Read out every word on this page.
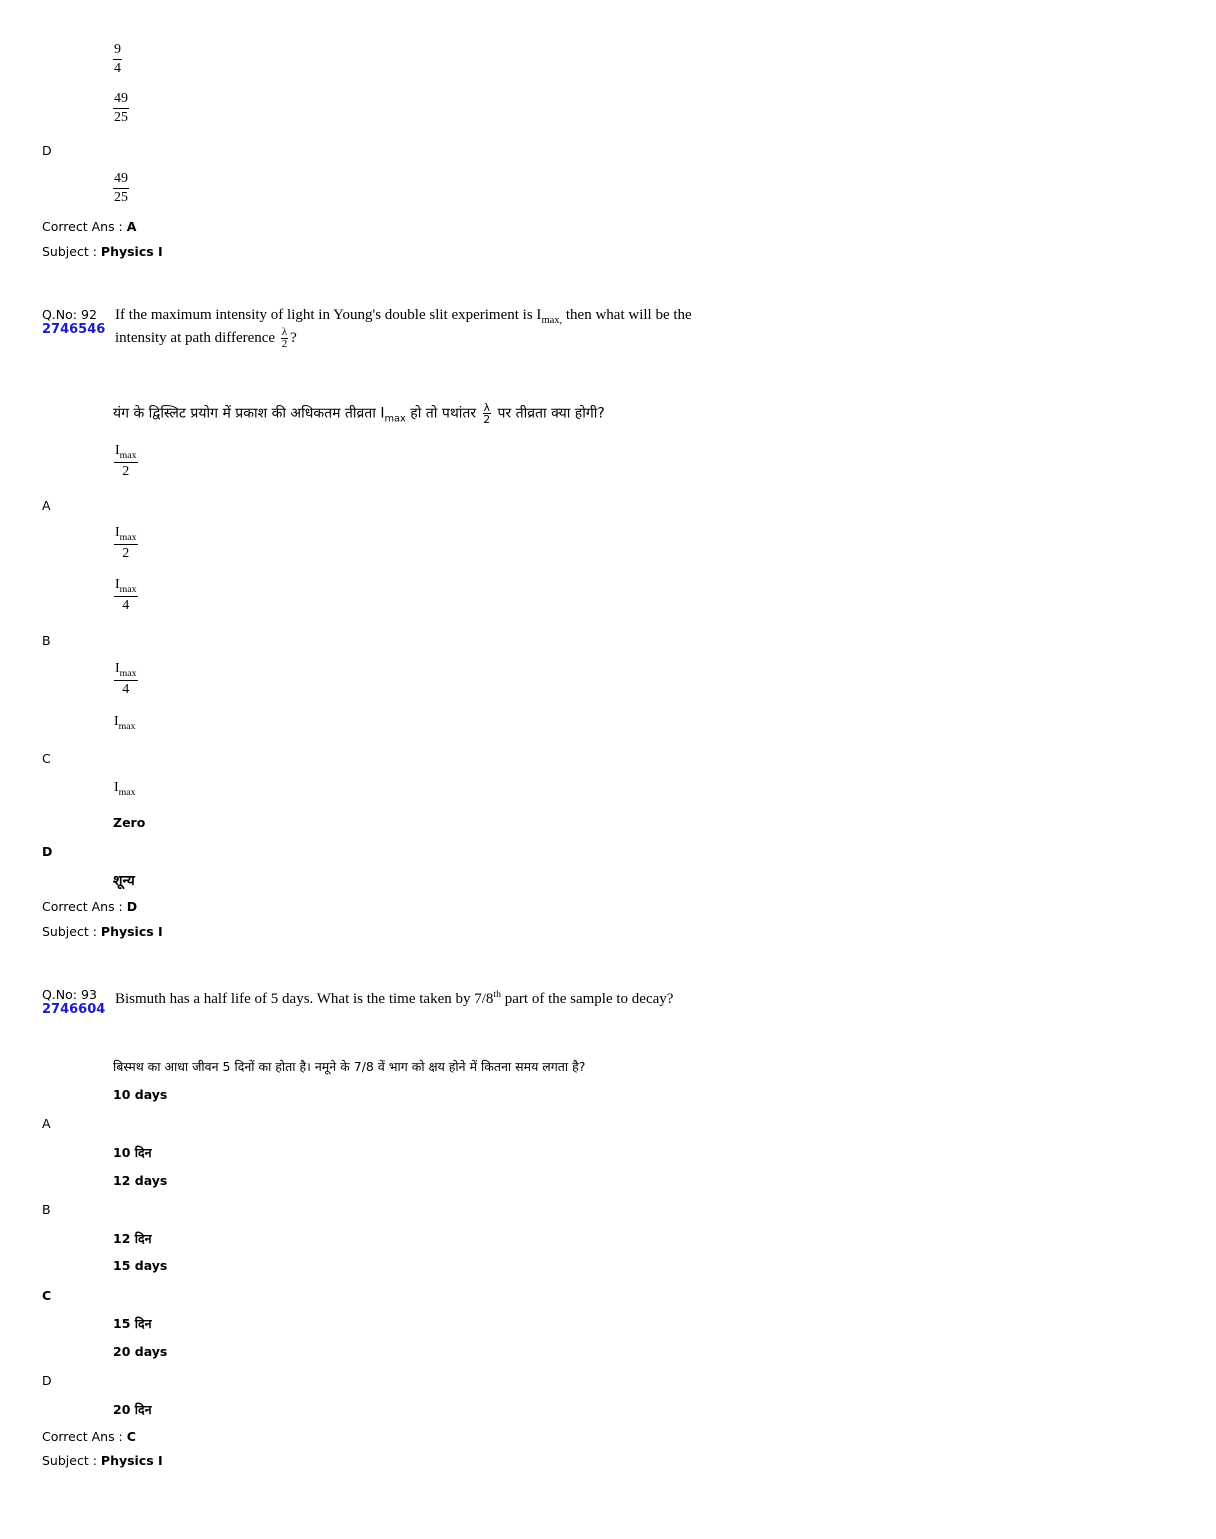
$\frac{9}{4}$
$\frac{49}{25}$
D
$\frac{49}{25}$
Correct Ans : A
Subject : Physics I
Q.No: 92
2746546
If the maximum intensity of light in Young's double slit experiment is $I_{max,}$ then what will be the
intensity at path difference $\frac{\lambda}{2}$ ?
यंग के द्विस्लिट प्रयोग में प्रकाश की अधिकतम तीव्रता $I_{max}$ हो तो पथांतर $\frac{\lambda}{2}$ पर तीव्रता क्या होगी?
$I_{max}$
2
A
$I_{max}$
2
$I_{max}$
4
B
$I_{max}$
4
$I_{max}$
C
$I_{max}$
Zero
D
शून्य
Correct Ans : D
Subject : Physics I
Q.No: 93
2746604
Bismuth has a half life of 5 days. What is the time taken by 7/8th part of the sample to decay?
बिस्मथ का आधा जीवन 5 दिनों का होता है। नमूने के 7/8 वें भाग को क्षय होने में कितना समय लगता है?
10 days
A
10 दिन
12 days
B
12 दिन
15 days
C
15 दिन
20 days
D
20 दिन
Correct Ans : C
Subject : Physics I
